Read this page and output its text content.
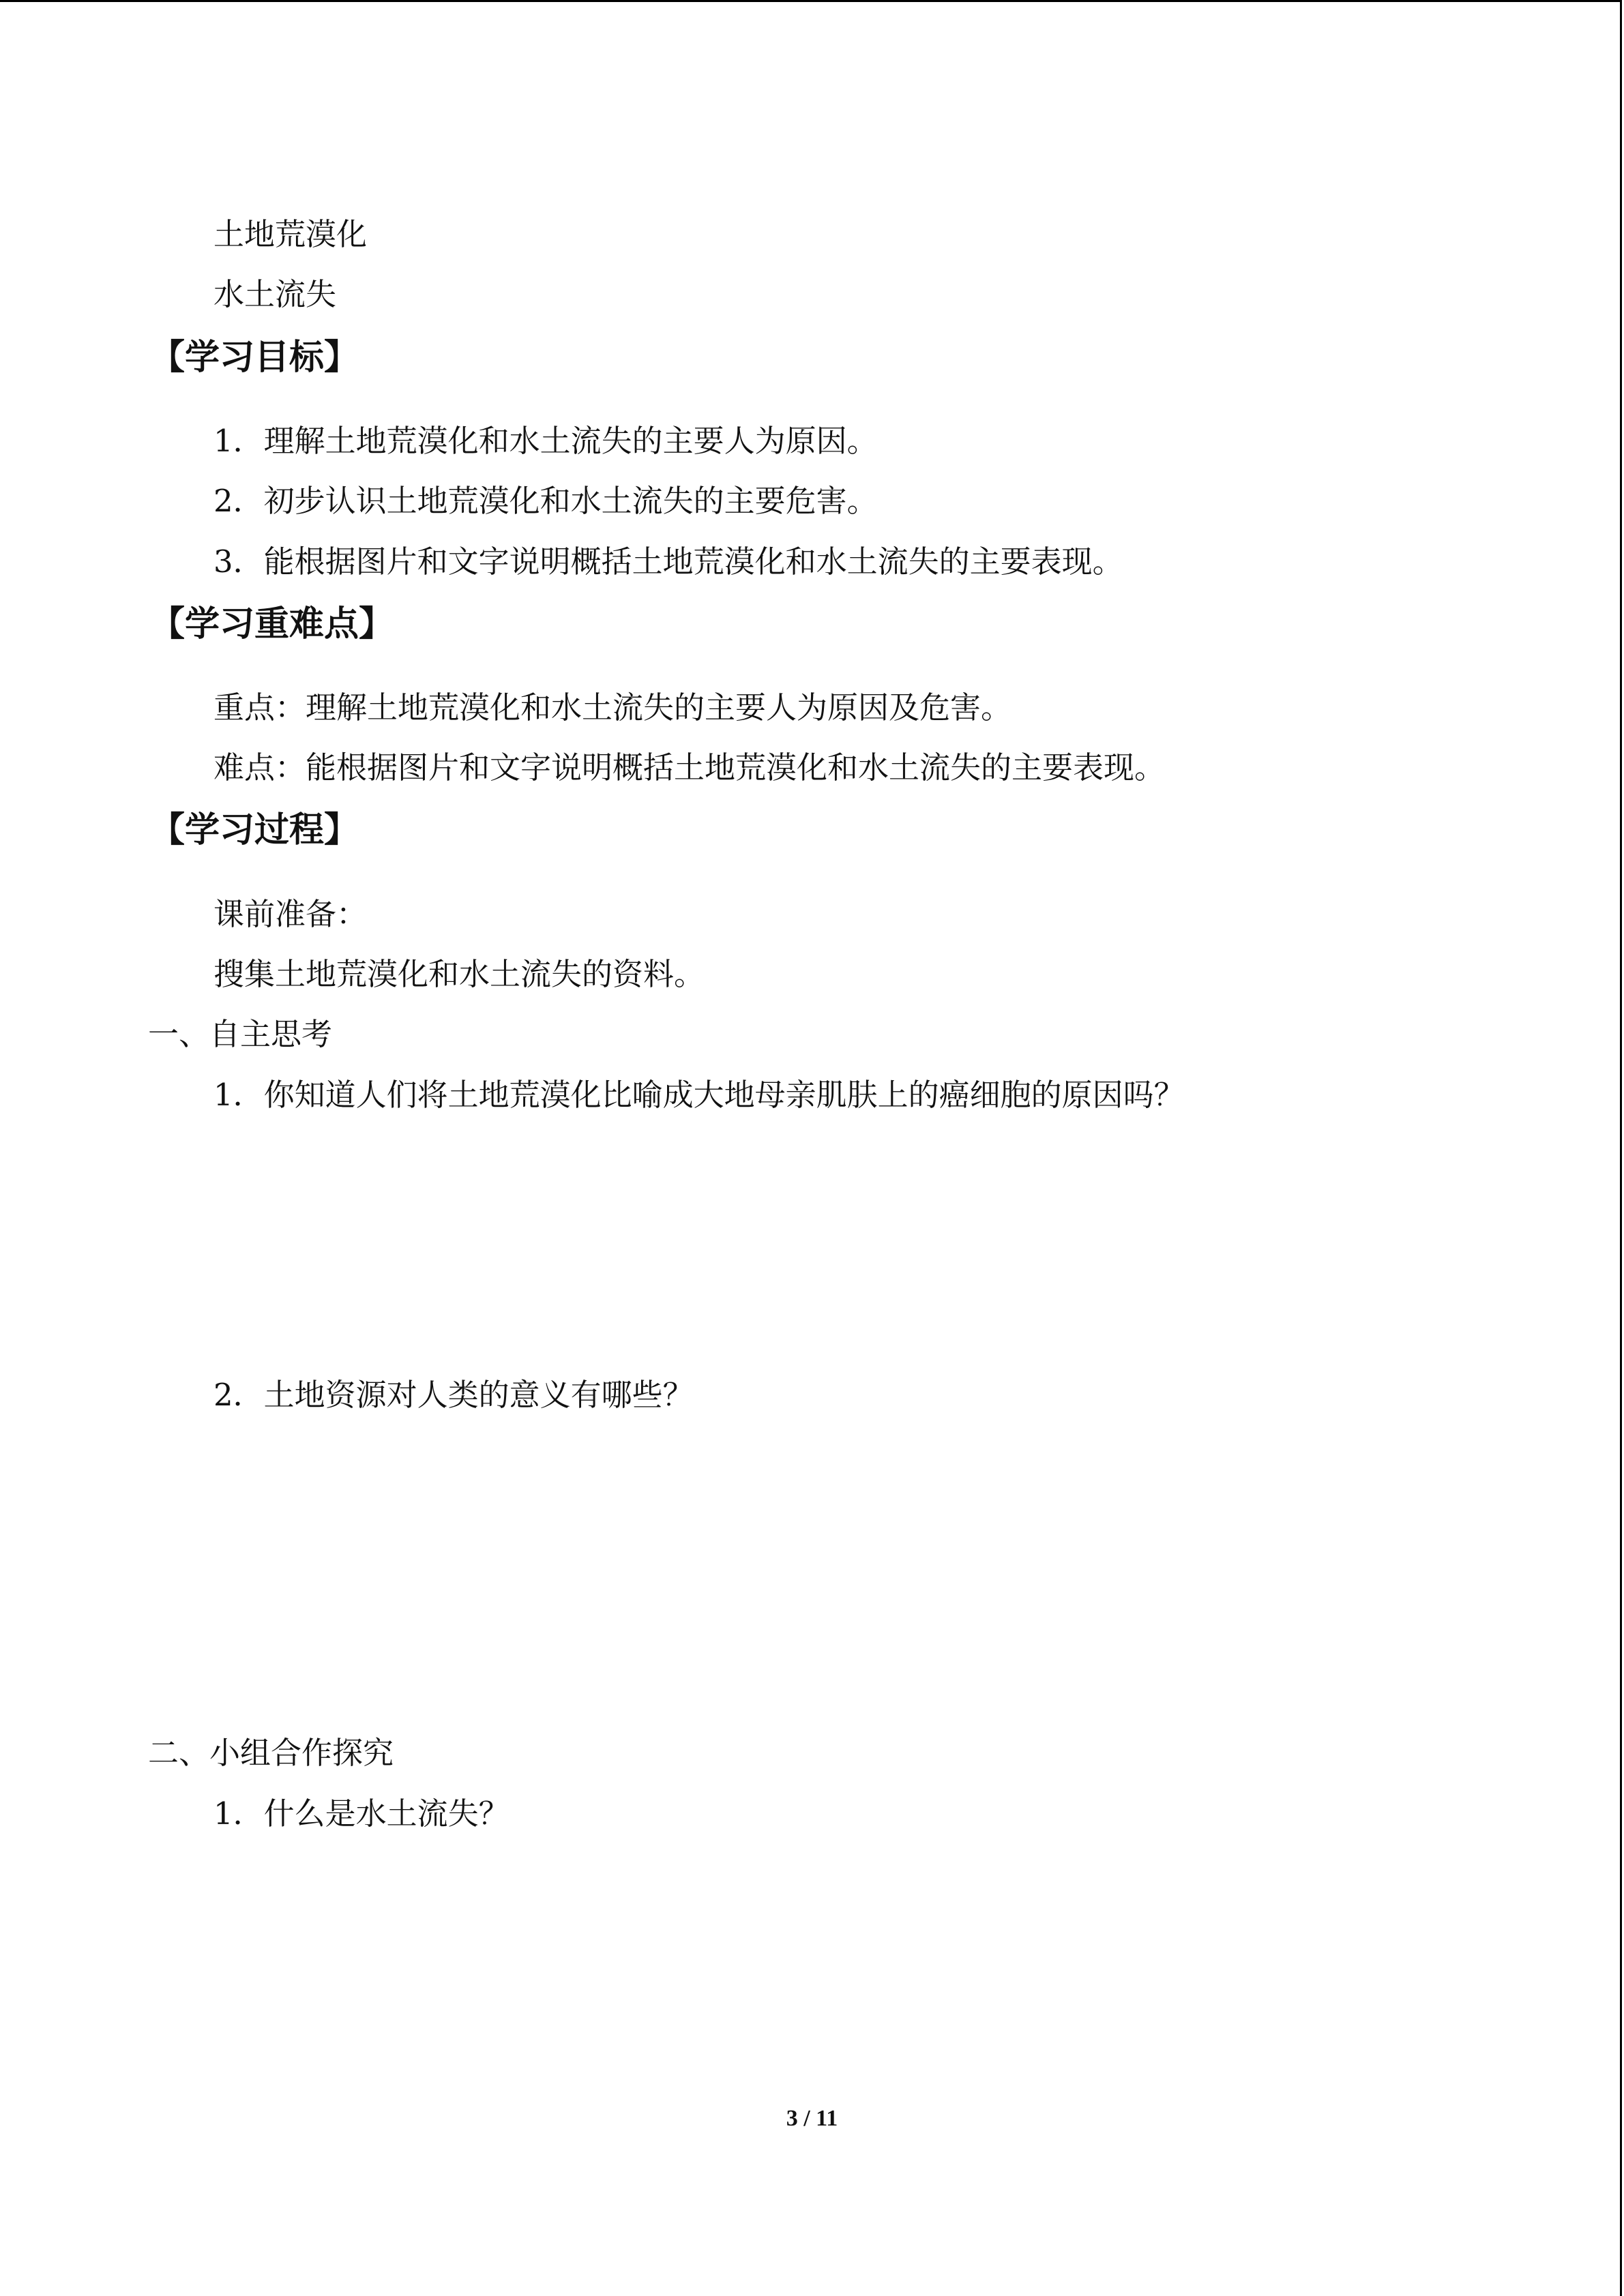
土地荒漠化
水土流失
【学习目标】
1．理解土地荒漠化和水土流失的主要人为原因。
2．初步认识土地荒漠化和水土流失的主要危害。
3．能根据图片和文字说明概括土地荒漠化和水土流失的主要表现。
【学习重难点】
重点：理解土地荒漠化和水土流失的主要人为原因及危害。
难点：能根据图片和文字说明概括土地荒漠化和水土流失的主要表现。
【学习过程】
课前准备：
搜集土地荒漠化和水土流失的资料。
一、自主思考
1．你知道人们将土地荒漠化比喻成大地母亲肌肤上的癌细胞的原因吗？
2．土地资源对人类的意义有哪些？
二、小组合作探究
1．什么是水土流失？
3 / 11
